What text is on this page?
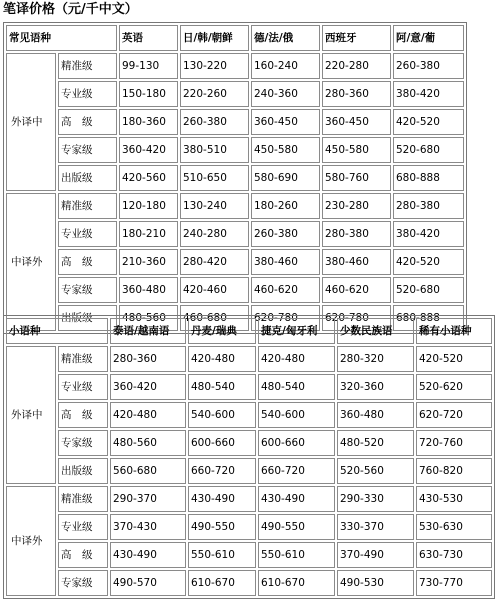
笔译价格（元/千中文）
常见语种		英语	日/韩/朝鲜	德/法/俄	西班牙	阿/意/葡
外译中	精准级	99-130	130-220	160-240	220-280	260-380
	专业级	150-180	220-260	240-360	280-360	380-420
	高　级	180-360	260-380	360-450	360-450	420-520
	专家级	360-420	380-510	450-580	450-580	520-680
	出版级	420-560	510-650	580-690	580-760	680-888
中译外	精准级	120-180	130-240	180-260	230-280	280-380
	专业级	180-210	240-280	260-380	280-380	380-420
	高　级	210-360	280-420	380-460	380-460	420-520
	专家级	360-480	420-460	460-620	460-620	520-680
	出版级	480-560	460-680	620-780	620-780	680-888
小语种		泰语/越南语	丹麦/瑞典	捷克/匈牙利	少数民族语	稀有小语种
外译中	精准级	280-360	420-480	420-480	280-320	420-520
	专业级	360-420	480-540	480-540	320-360	520-620
	高　级	420-480	540-600	540-600	360-480	620-720
	专家级	480-560	600-660	600-660	480-520	720-760
	出版级	560-680	660-720	660-720	520-560	760-820
中译外	精准级	290-370	430-490	430-490	290-330	430-530
	专业级	370-430	490-550	490-550	330-370	530-630
	高　级	430-490	550-610	550-610	370-490	630-730
	专家级	490-570	610-670	610-670	490-530	730-770
